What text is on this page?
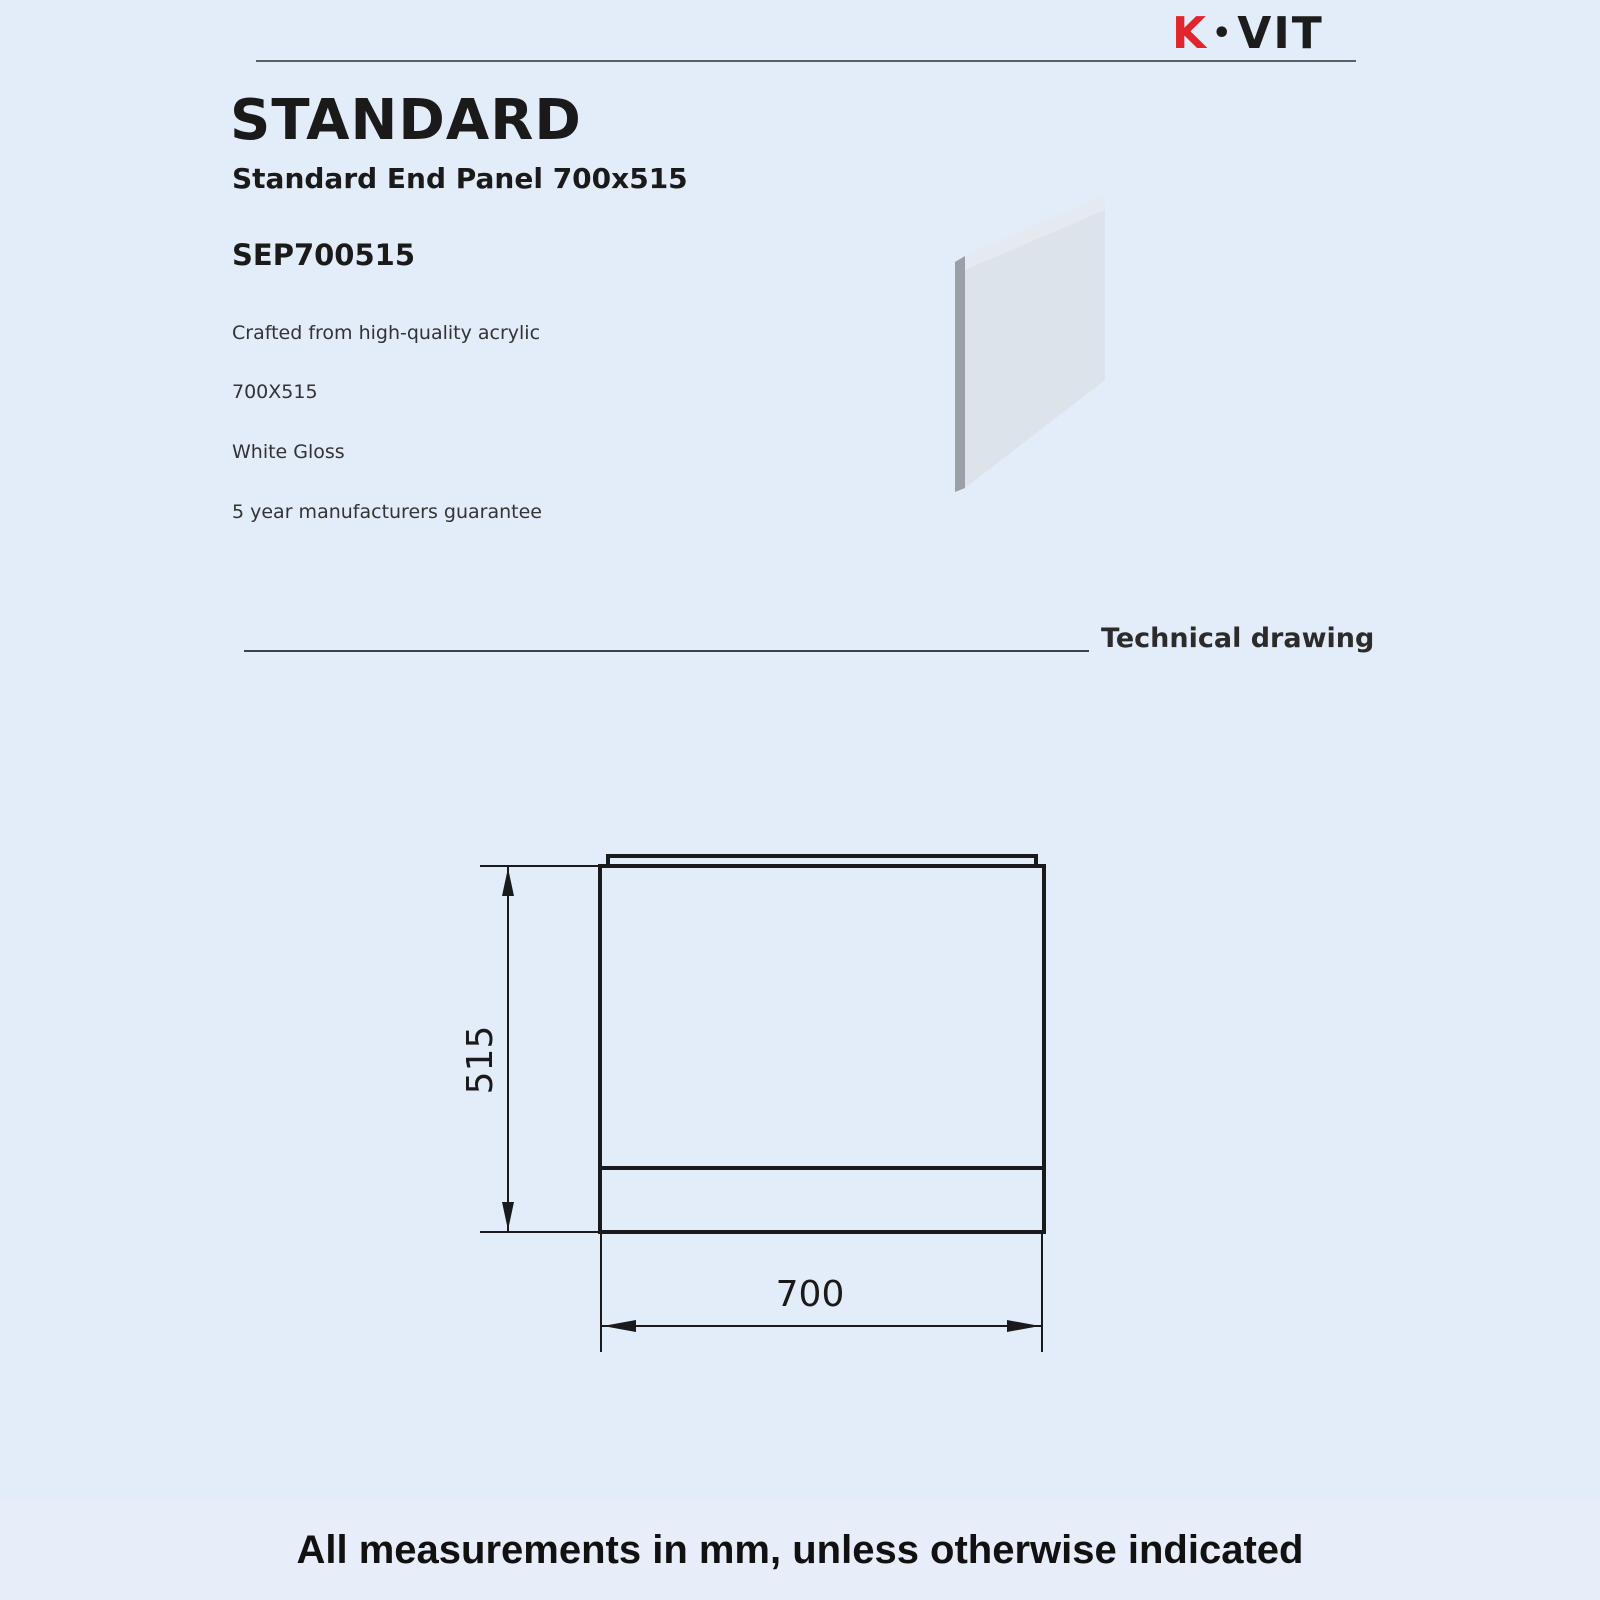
K • VIT
STANDARD
Standard End Panel 700x515
SEP700515
Crafted from high-quality acrylic
700X515
White Gloss
5 year manufacturers guarantee
Technical drawing
700
515
All measurements in mm, unless otherwise indicated
